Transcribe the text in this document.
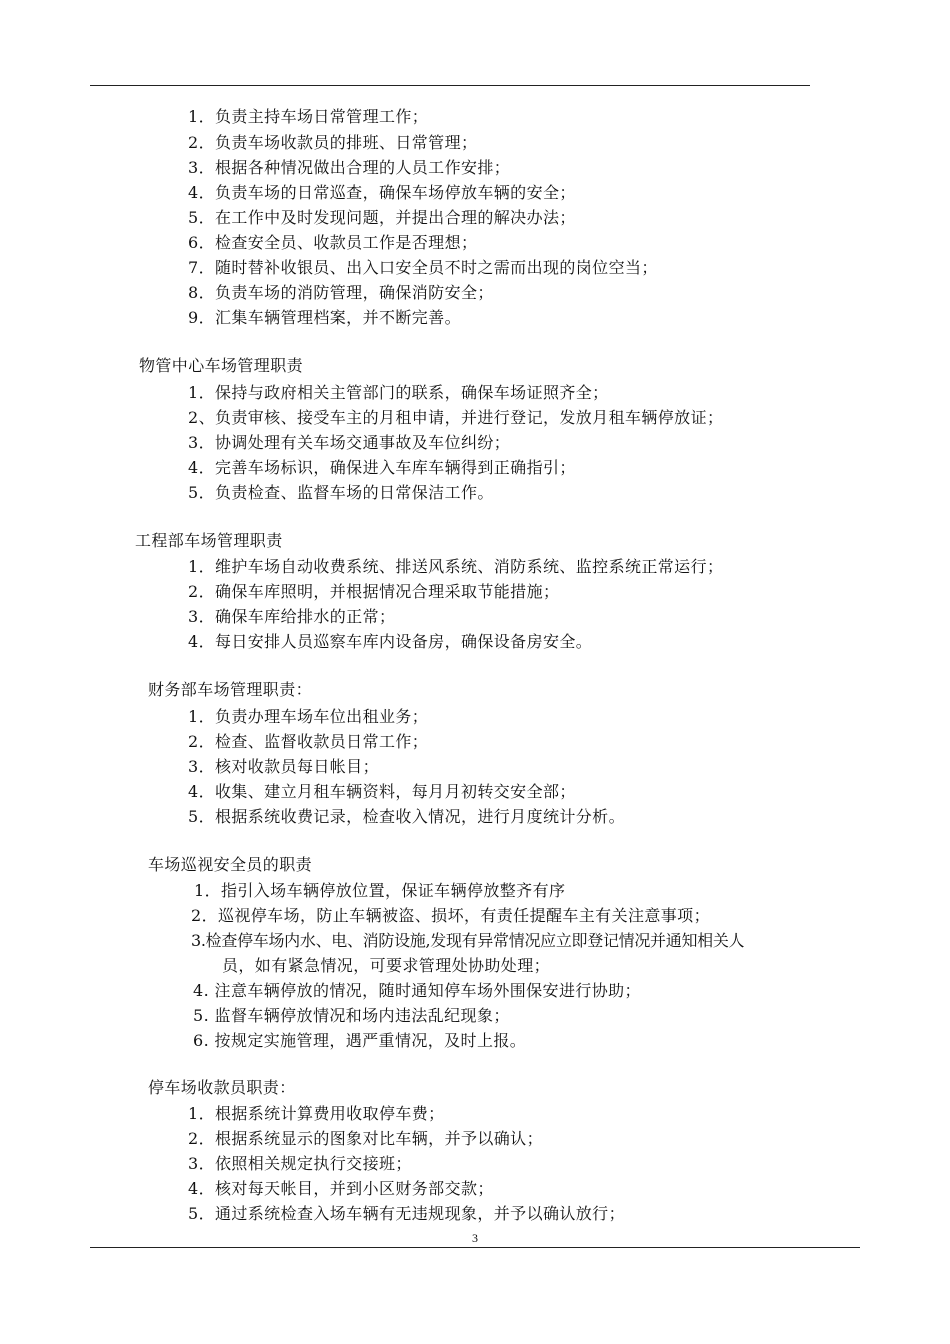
1．负责主持车场日常管理工作；
2．负责车场收款员的排班、日常管理；
3．根据各种情况做出合理的人员工作安排；
4．负责车场的日常巡查，确保车场停放车辆的安全；
5．在工作中及时发现问题，并提出合理的解决办法；
6．检查安全员、收款员工作是否理想；
7．随时替补收银员、出入口安全员不时之需而出现的岗位空当；
8．负责车场的消防管理，确保消防安全；
9．汇集车辆管理档案，并不断完善。
物管中心车场管理职责
1．保持与政府相关主管部门的联系，确保车场证照齐全；
2、负责审核、接受车主的月租申请，并进行登记，发放月租车辆停放证；
3．协调处理有关车场交通事故及车位纠纷；
4．完善车场标识，确保进入车库车辆得到正确指引；
5．负责检查、监督车场的日常保洁工作。
工程部车场管理职责
1．维护车场自动收费系统、排送风系统、消防系统、监控系统正常运行；
2．确保车库照明，并根据情况合理采取节能措施；
3．确保车库给排水的正常；
4．每日安排人员巡察车库内设备房，确保设备房安全。
财务部车场管理职责：
1．负责办理车场车位出租业务；
2．检查、监督收款员日常工作；
3．核对收款员每日帐目；
4．收集、建立月租车辆资料，每月月初转交安全部；
5．根据系统收费记录，检查收入情况，进行月度统计分析。
车场巡视安全员的职责
1．指引入场车辆停放位置，保证车辆停放整齐有序
2．巡视停车场，防止车辆被盗、损坏，有责任提醒车主有关注意事项；
3.检查停车场内水、电、消防设施,发现有异常情况应立即登记情况并通知相关人
员，如有紧急情况，可要求管理处协助处理；
4. 注意车辆停放的情况，随时通知停车场外围保安进行协助；
5. 监督车辆停放情况和场内违法乱纪现象；
6. 按规定实施管理，遇严重情况，及时上报。
停车场收款员职责：
1．根据系统计算费用收取停车费；
2．根据系统显示的图象对比车辆，并予以确认；
3．依照相关规定执行交接班；
4．核对每天帐目，并到小区财务部交款；
5．通过系统检查入场车辆有无违规现象，并予以确认放行；
3
